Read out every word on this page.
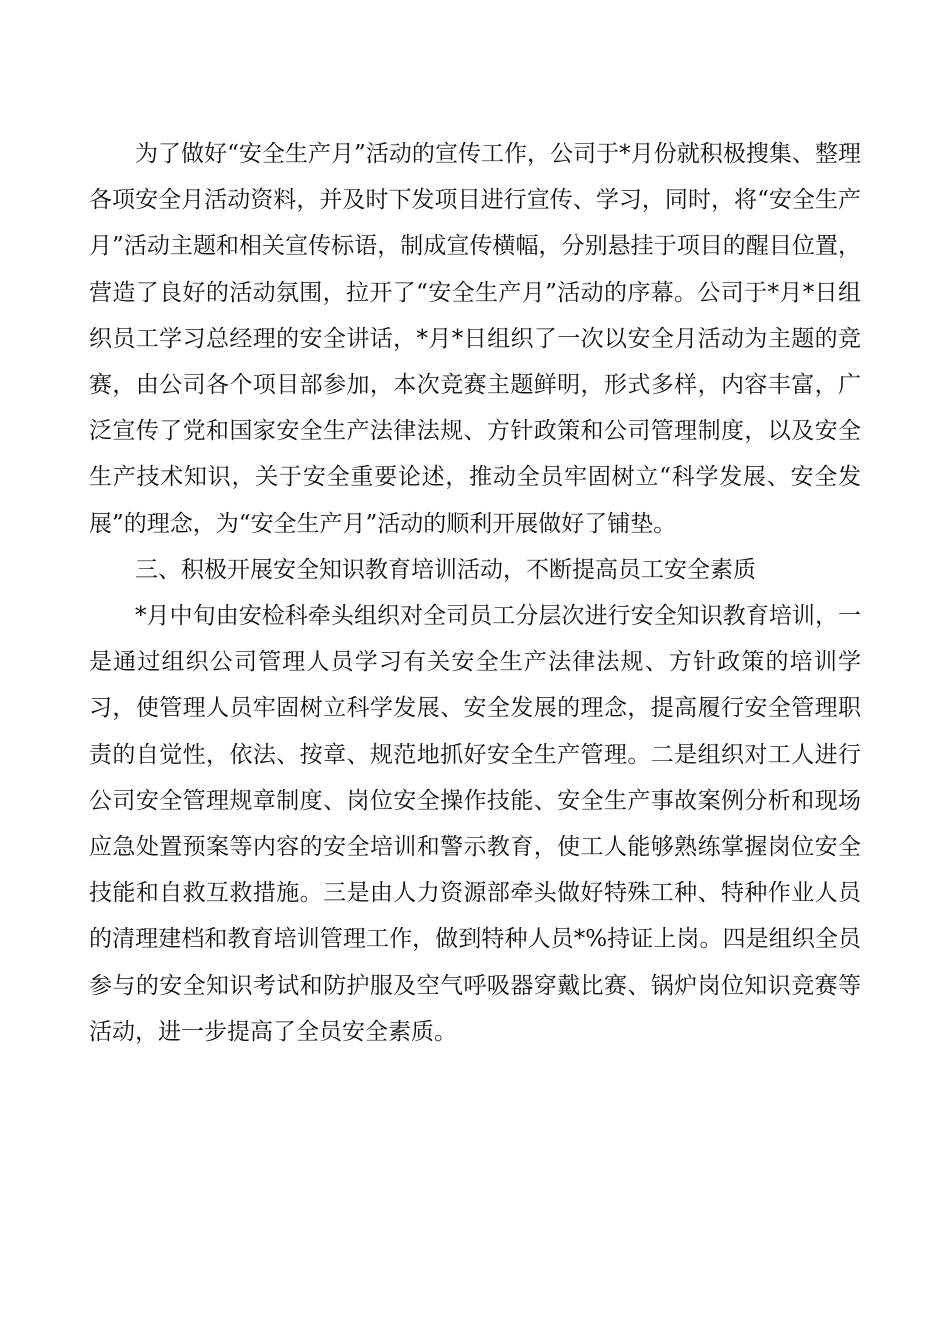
为了做好“安全生产月”活动的宣传工作，公司于*月份就积极搜集、整理各项安全月活动资料，并及时下发项目进行宣传、学习，同时，将“安全生产月”活动主题和相关宣传标语，制成宣传横幅，分别悬挂于项目的醒目位置，营造了良好的活动氛围，拉开了“安全生产月”活动的序幕。公司于*月*日组织员工学习总经理的安全讲话，*月*日组织了一次以安全月活动为主题的竞赛，由公司各个项目部参加，本次竞赛主题鲜明，形式多样，内容丰富，广泛宣传了党和国家安全生产法律法规、方针政策和公司管理制度，以及安全生产技术知识，关于安全重要论述，推动全员牢固树立“科学发展、安全发展”的理念，为“安全生产月”活动的顺利开展做好了铺垫。

三、积极开展安全知识教育培训活动，不断提高员工安全素质

*月中旬由安检科牵头组织对全司员工分层次进行安全知识教育培训，一是通过组织公司管理人员学习有关安全生产法律法规、方针政策的培训学习，使管理人员牢固树立科学发展、安全发展的理念，提高履行安全管理职责的自觉性，依法、按章、规范地抓好安全生产管理。二是组织对工人进行公司安全管理规章制度、岗位安全操作技能、安全生产事故案例分析和现场应急处置预案等内容的安全培训和警示教育，使工人能够熟练掌握岗位安全技能和自救互救措施。三是由人力资源部牵头做好特殊工种、特种作业人员的清理建档和教育培训管理工作，做到特种人员*%持证上岗。四是组织全员参与的安全知识考试和防护服及空气呼吸器穿戴比赛、锅炉岗位知识竞赛等活动，进一步提高了全员安全素质。
